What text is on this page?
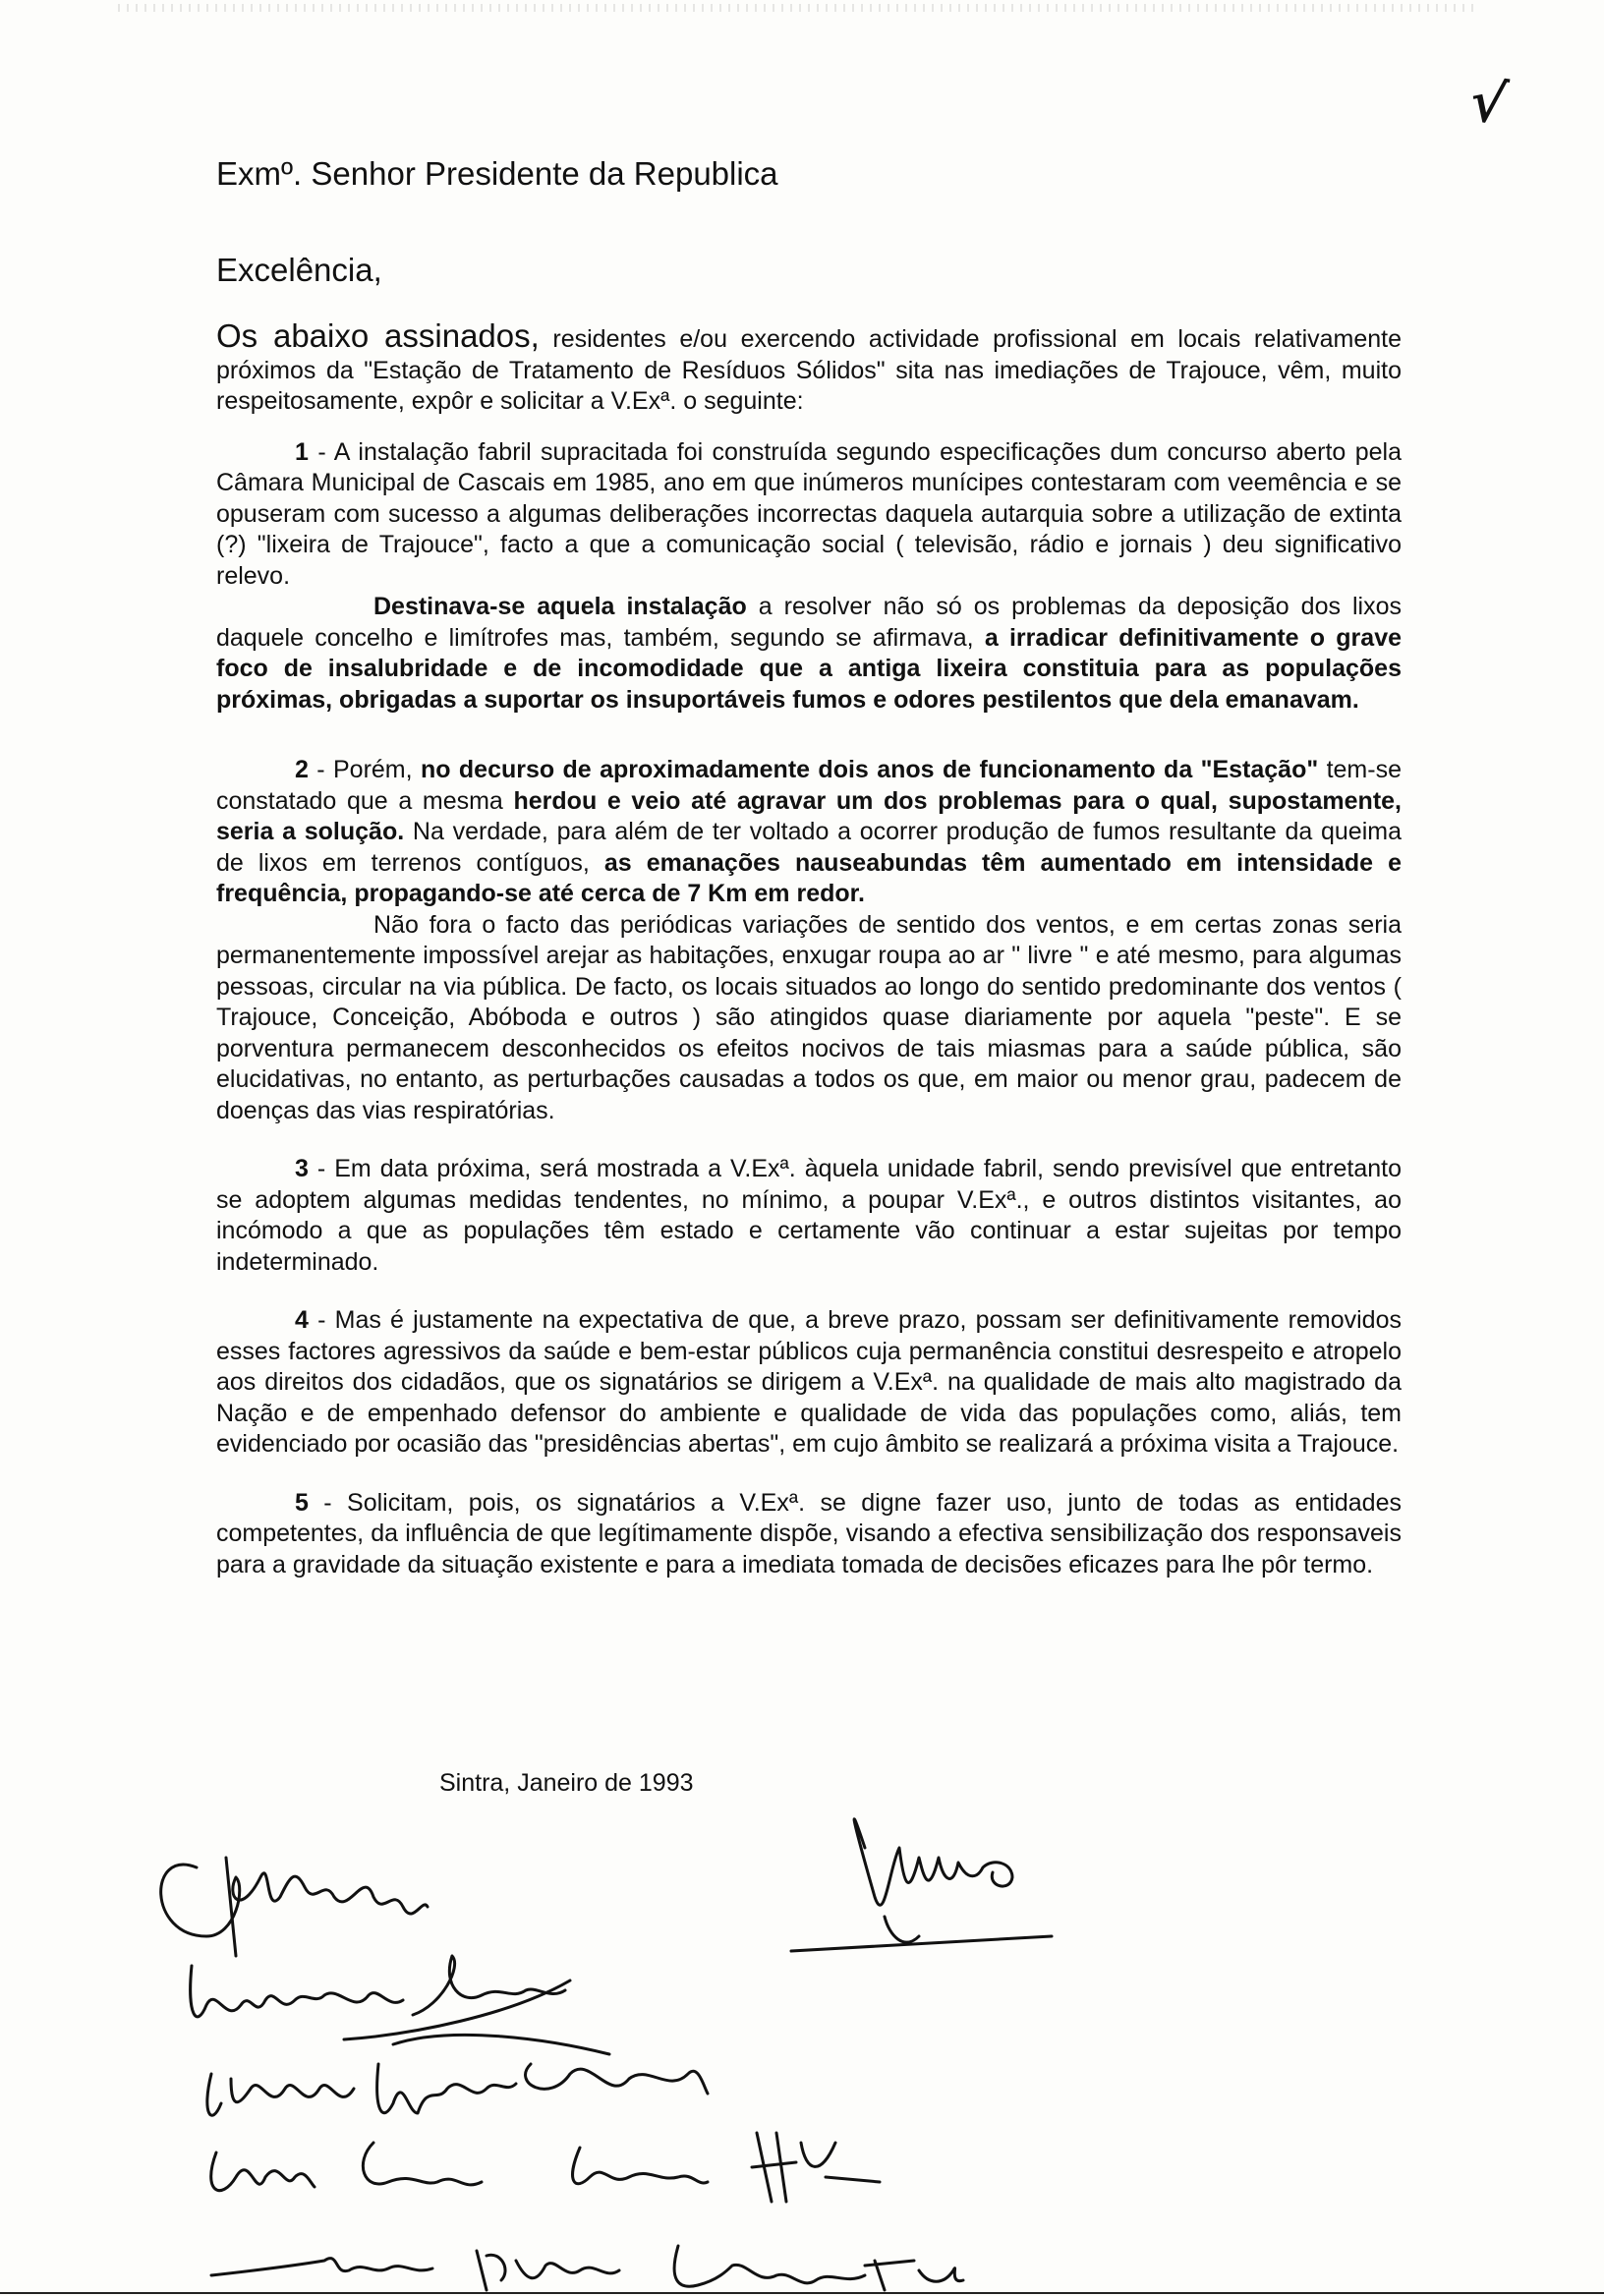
√
Exmº. Senhor Presidente da Republica
Excelência,

Os abaixo assinados, residentes e/ou exercendo actividade profissional em locais relativamente próximos da "Estação de Tratamento de Resíduos Sólidos" sita nas imediações de Trajouce, vêm, muito respeitosamente, expôr e solicitar a V.Exª. o seguinte:

1 - A instalação fabril supracitada foi construída segundo especificações dum concurso aberto pela Câmara Municipal de Cascais em 1985, ano em que inúmeros munícipes contestaram com veemência e se opuseram com sucesso a algumas deliberações incorrectas daquela autarquia sobre a utilização de extinta (?) "lixeira de Trajouce", facto a que a comunicação social ( televisão, rádio e jornais ) deu significativo relevo.

Destinava-se aquela instalação a resolver não só os problemas da deposição dos lixos daquele concelho e limítrofes mas, também, segundo se afirmava, a irradicar definitivamente o grave foco de insalubridade e de incomodidade que a antiga lixeira constituia para as populações próximas, obrigadas a suportar os insuportáveis fumos e odores pestilentos que dela emanavam.

2 - Porém, no decurso de aproximadamente dois anos de funcionamento da "Estação" tem-se constatado que a mesma herdou e veio até agravar um dos problemas para o qual, supostamente, seria a solução. Na verdade, para além de ter voltado a ocorrer produção de fumos resultante da queima de lixos em terrenos contíguos, as emanações nauseabundas têm aumentado em intensidade e frequência, propagando-se até cerca de 7 Km em redor.

Não fora o facto das periódicas variações de sentido dos ventos, e em certas zonas seria permanentemente impossível arejar as habitações, enxugar roupa ao ar " livre " e até mesmo, para algumas pessoas, circular na via pública. De facto, os locais situados ao longo do sentido predominante dos ventos ( Trajouce, Conceição, Abóboda e outros ) são atingidos quase diariamente por aquela "peste". E se porventura permanecem desconhecidos os efeitos nocivos de tais miasmas para a saúde pública, são elucidativas, no entanto, as perturbações causadas a todos os que, em maior ou menor grau, padecem de doenças das vias respiratórias.

3 - Em data próxima, será mostrada a V.Exª. àquela unidade fabril, sendo previsível que entretanto se adoptem algumas medidas tendentes, no mínimo, a poupar V.Exª., e outros distintos visitantes, ao incómodo a que as populações têm estado e certamente vão continuar a estar sujeitas por tempo indeterminado.

4 - Mas é justamente na expectativa de que, a breve prazo, possam ser definitivamente removidos esses factores agressivos da saúde e bem-estar públicos cuja permanência constitui desrespeito e atropelo aos direitos dos cidadãos, que os signatários se dirigem a V.Exª. na qualidade de mais alto magistrado da Nação e de empenhado defensor do ambiente e qualidade de vida das populações como, aliás, tem evidenciado por ocasião das "presidências abertas", em cujo âmbito se realizará a próxima visita a Trajouce.

5 - Solicitam, pois, os signatários a V.Exª. se digne fazer uso, junto de todas as entidades competentes, da influência de que legítimamente dispõe, visando a efectiva sensibilização dos responsaveis para a gravidade da situação existente e para a imediata tomada de decisões eficazes para lhe pôr termo.

Sintra, Janeiro de 1993
